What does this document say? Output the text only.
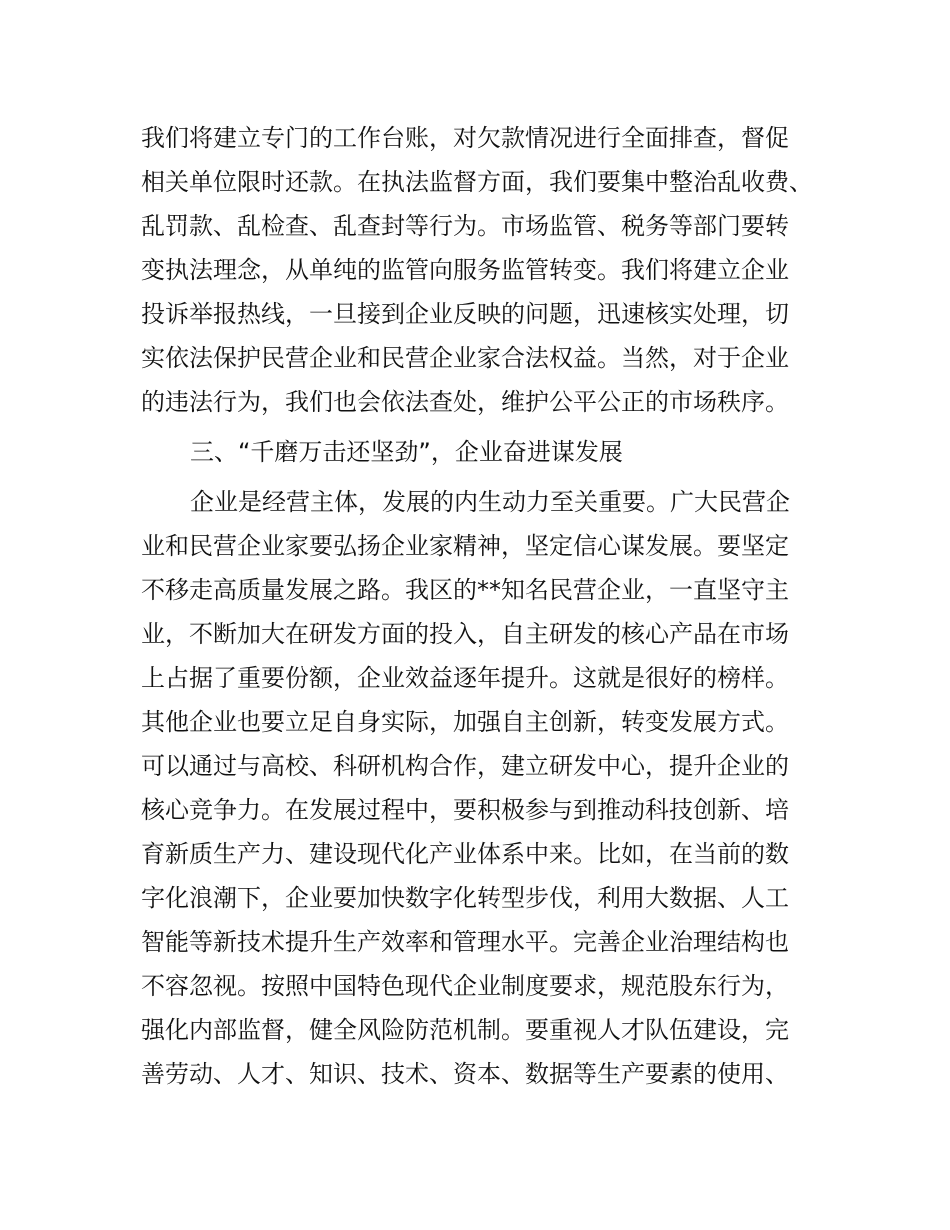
我们将建立专门的工作台账，对欠款情况进行全面排查，督促
相关单位限时还款。在执法监督方面，我们要集中整治乱收费、
乱罚款、乱检查、乱查封等行为。市场监管、税务等部门要转
变执法理念，从单纯的监管向服务监管转变。我们将建立企业
投诉举报热线，一旦接到企业反映的问题，迅速核实处理，切
实依法保护民营企业和民营企业家合法权益。当然，对于企业
的违法行为，我们也会依法查处，维护公平公正的市场秩序。
三、“千磨万击还坚劲”，企业奋进谋发展
企业是经营主体，发展的内生动力至关重要。广大民营企
业和民营企业家要弘扬企业家精神，坚定信心谋发展。要坚定
不移走高质量发展之路。我区的**知名民营企业，一直坚守主
业，不断加大在研发方面的投入，自主研发的核心产品在市场
上占据了重要份额，企业效益逐年提升。这就是很好的榜样。
其他企业也要立足自身实际，加强自主创新，转变发展方式。
可以通过与高校、科研机构合作，建立研发中心，提升企业的
核心竞争力。在发展过程中，要积极参与到推动科技创新、培
育新质生产力、建设现代化产业体系中来。比如，在当前的数
字化浪潮下，企业要加快数字化转型步伐，利用大数据、人工
智能等新技术提升生产效率和管理水平。完善企业治理结构也
不容忽视。按照中国特色现代企业制度要求，规范股东行为，
强化内部监督，健全风险防范机制。要重视人才队伍建设，完
善劳动、人才、知识、技术、资本、数据等生产要素的使用、
